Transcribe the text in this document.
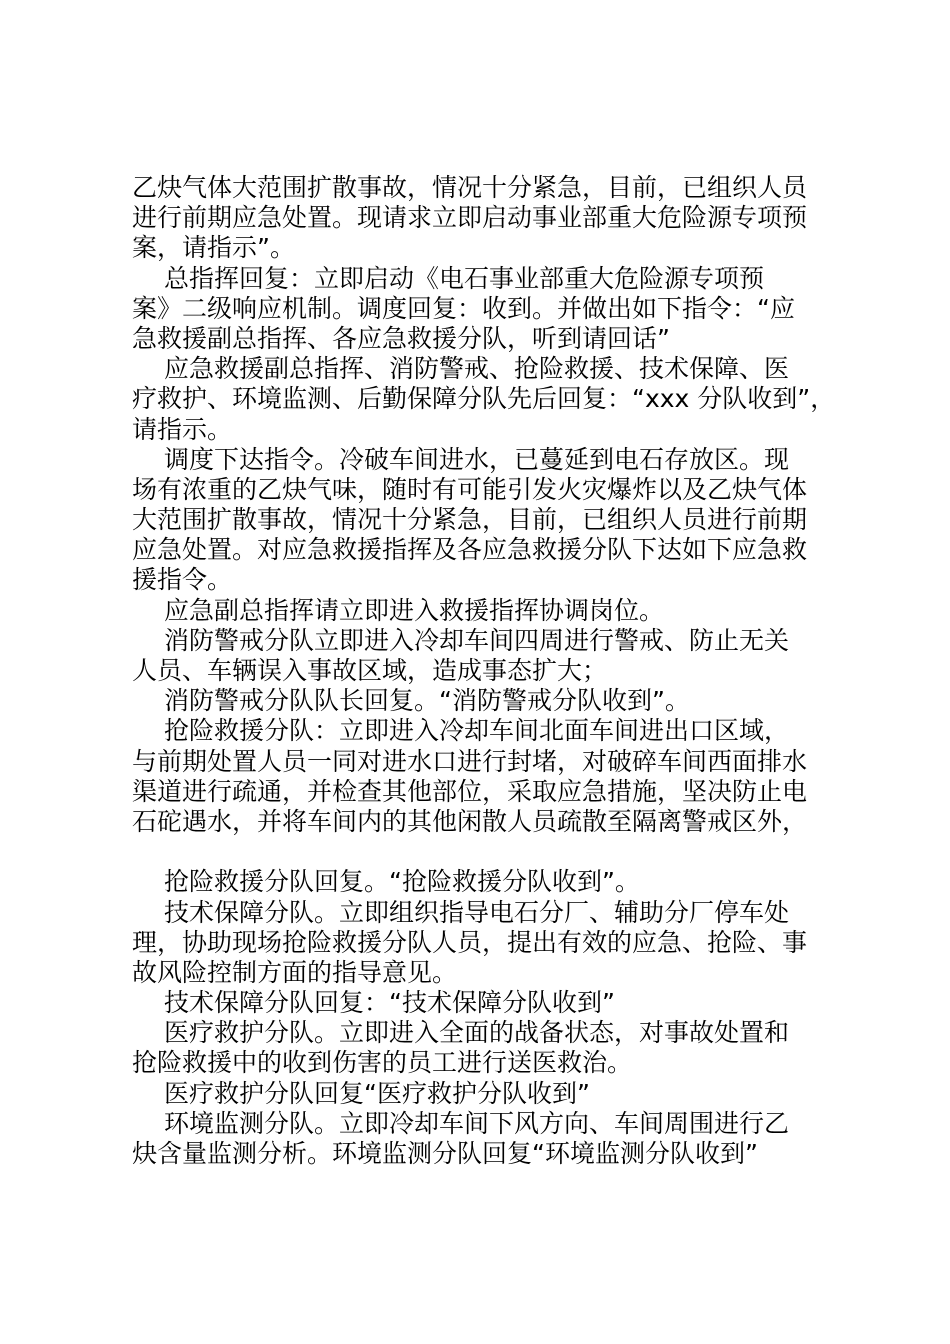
乙炔气体大范围扩散事故，情况十分紧急，目前，已组织人员
进行前期应急处置。现请求立即启动事业部重大危险源专项预
案，请指示”。
总指挥回复：立即启动《电石事业部重大危险源专项预
案》二级响应机制。调度回复：收到。并做出如下指令：“应
急救援副总指挥、各应急救援分队，听到请回话”
应急救援副总指挥、消防警戒、抢险救援、技术保障、医
疗救护、环境监测、后勤保障分队先后回复：“xxx 分队收到”，
请指示。
调度下达指令。冷破车间进水，已蔓延到电石存放区。现
场有浓重的乙炔气味，随时有可能引发火灾爆炸以及乙炔气体
大范围扩散事故，情况十分紧急，目前，已组织人员进行前期
应急处置。对应急救援指挥及各应急救援分队下达如下应急救
援指令。
应急副总指挥请立即进入救援指挥协调岗位。
消防警戒分队立即进入冷却车间四周进行警戒、防止无关
人员、车辆误入事故区域，造成事态扩大；
消防警戒分队队长回复。“消防警戒分队收到”。
抢险救援分队：立即进入冷却车间北面车间进出口区域，
与前期处置人员一同对进水口进行封堵，对破碎车间西面排水
渠道进行疏通，并检查其他部位，采取应急措施，坚决防止电
石砣遇水，并将车间内的其他闲散人员疏散至隔离警戒区外，
抢险救援分队回复。“抢险救援分队收到”。
技术保障分队。立即组织指导电石分厂、辅助分厂停车处
理，协助现场抢险救援分队人员，提出有效的应急、抢险、事
故风险控制方面的指导意见。
技术保障分队回复：“技术保障分队收到”
医疗救护分队。立即进入全面的战备状态，对事故处置和
抢险救援中的收到伤害的员工进行送医救治。
医疗救护分队回复“医疗救护分队收到”
环境监测分队。立即冷却车间下风方向、车间周围进行乙
炔含量监测分析。环境监测分队回复“环境监测分队收到”
